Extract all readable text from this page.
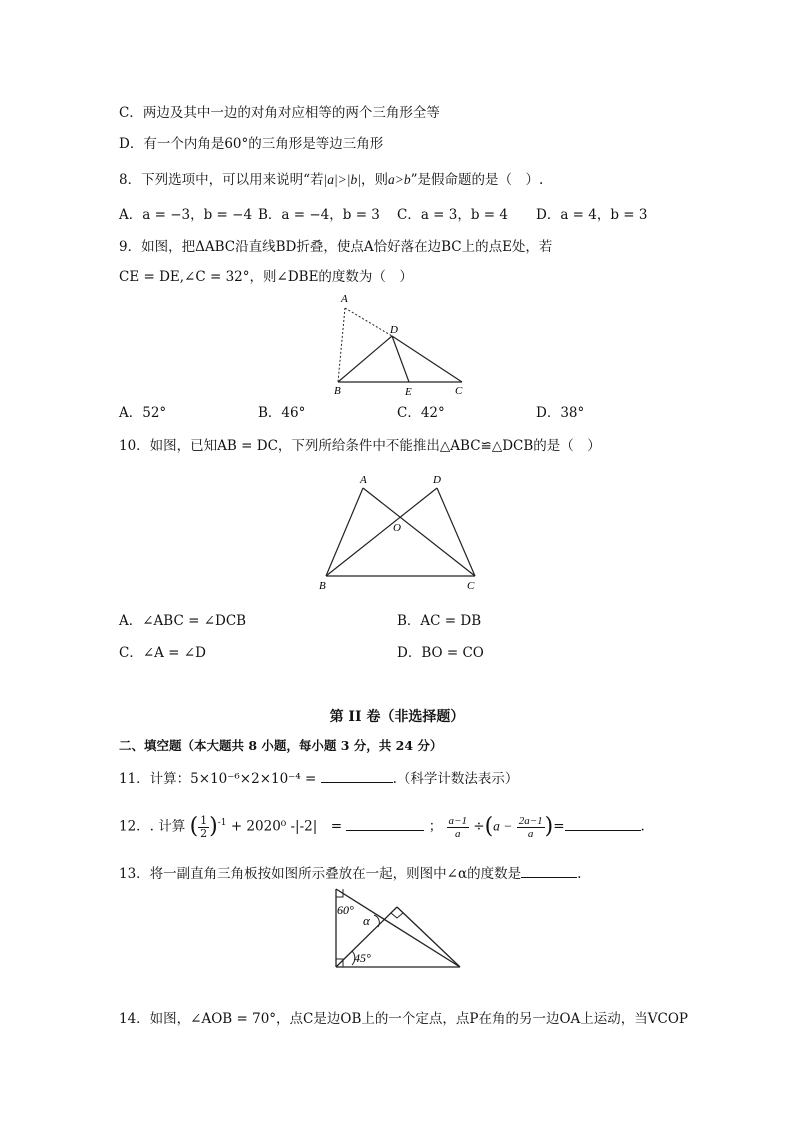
C．两边及其中一边的对角对应相等的两个三角形全等
D．有一个内角是60°的三角形是等边三角形
8．下列选项中，可以用来说明“若|a|>|b|，则a>b”是假命题的是（　）.
A．a = −3，b = −4 B．a = −4，b = 3 C．a = 3，b = 4 D．a = 4，b = 3
9．如图，把ΔABC沿直线BD折叠，使点A恰好落在边BC上的点E处，若
CE = DE,∠C = 32°，则∠DBE的度数为（　）
A
D
B	E	C
A．52°	B．46°	C．42°	D．38°
10．如图，已知AB = DC，下列所给条件中不能推出△ABC≌△DCB的是（　）
A	D
O
B	C
A．∠ABC = ∠DCB	B．AC = DB
C．∠A = ∠D	D．BO = CO
第 II 卷（非选择题）
二、填空题（本大题共 8 小题，每小题 3 分，共 24 分）
11．计算：5×10⁻⁶×2×10⁻⁴ =	.（科学计数法表示）
12．. 计算 ( $\frac{1}{2} )^{-1} + 2020^0$ -|-2|　=	； $\frac{a-1}{a} \div(a - \frac{2a-1}{a}$ )=	.
13．将一副直角三角板按如图所示叠放在一起，则图中∠α的度数是	.
60°
α
45°
14．如图，∠AOB = 70°，点C是边OB上的一个定点，点P在角的另一边OA上运动，当VCOP
